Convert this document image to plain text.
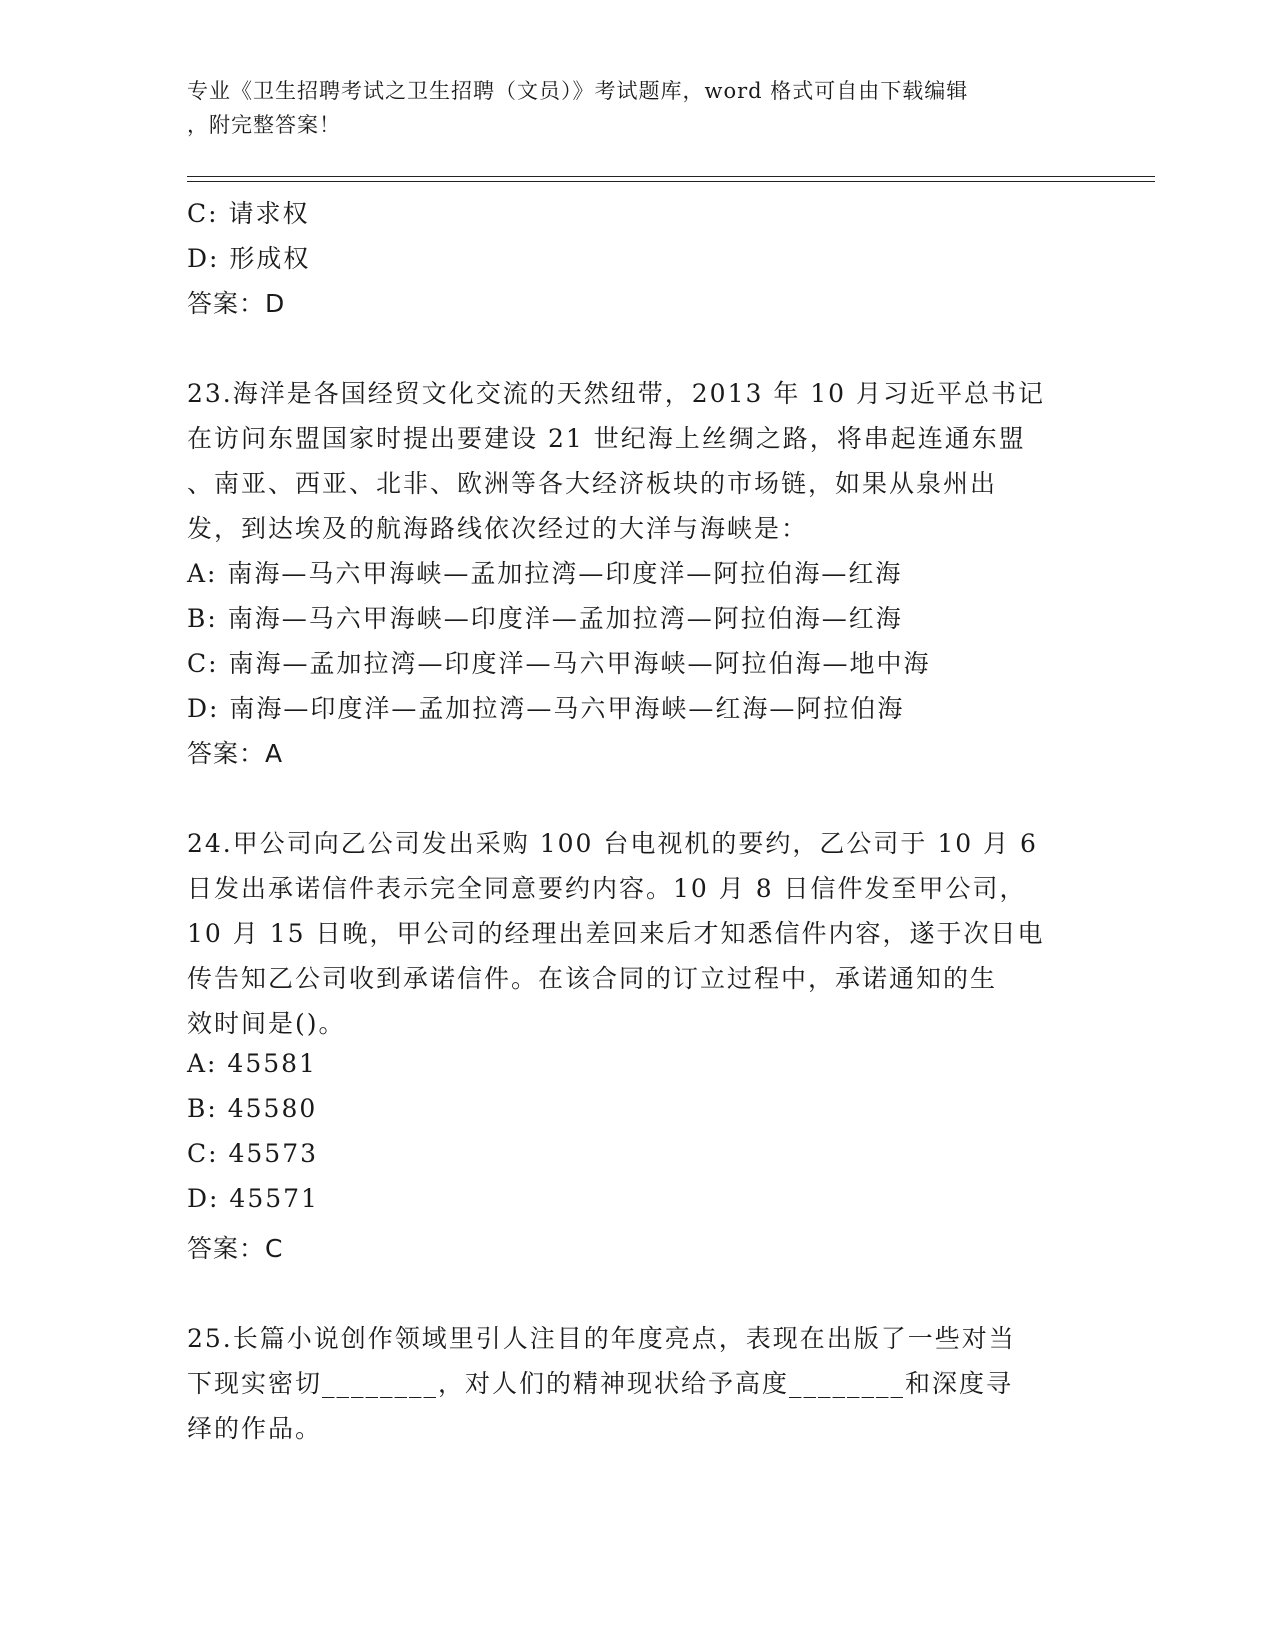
专业《卫生招聘考试之卫生招聘（文员）》考试题库，word 格式可自由下载编辑
，附完整答案！
C: 请求权
D: 形成权
答案：D
23.海洋是各国经贸文化交流的天然纽带，2013 年 10 月习近平总书记
在访问东盟国家时提出要建设 21 世纪海上丝绸之路，将串起连通东盟
、南亚、西亚、北非、欧洲等各大经济板块的市场链，如果从泉州出
发，到达埃及的航海路线依次经过的大洋与海峡是：
A: 南海—马六甲海峡—孟加拉湾—印度洋—阿拉伯海—红海
B: 南海—马六甲海峡—印度洋—孟加拉湾—阿拉伯海—红海
C: 南海—孟加拉湾—印度洋—马六甲海峡—阿拉伯海—地中海
D: 南海—印度洋—孟加拉湾—马六甲海峡—红海—阿拉伯海
答案：A
24.甲公司向乙公司发出采购 100 台电视机的要约，乙公司于 10 月 6
日发出承诺信件表示完全同意要约内容。10 月 8 日信件发至甲公司，
10 月 15 日晚，甲公司的经理出差回来后才知悉信件内容，遂于次日电
传告知乙公司收到承诺信件。在该合同的订立过程中，承诺通知的生
效时间是()。
A: 45581
B: 45580
C: 45573
D: 45571
答案：C
25.长篇小说创作领域里引人注目的年度亮点，表现在出版了一些对当
下现实密切________，对人们的精神现状给予高度________和深度寻
绎的作品。
